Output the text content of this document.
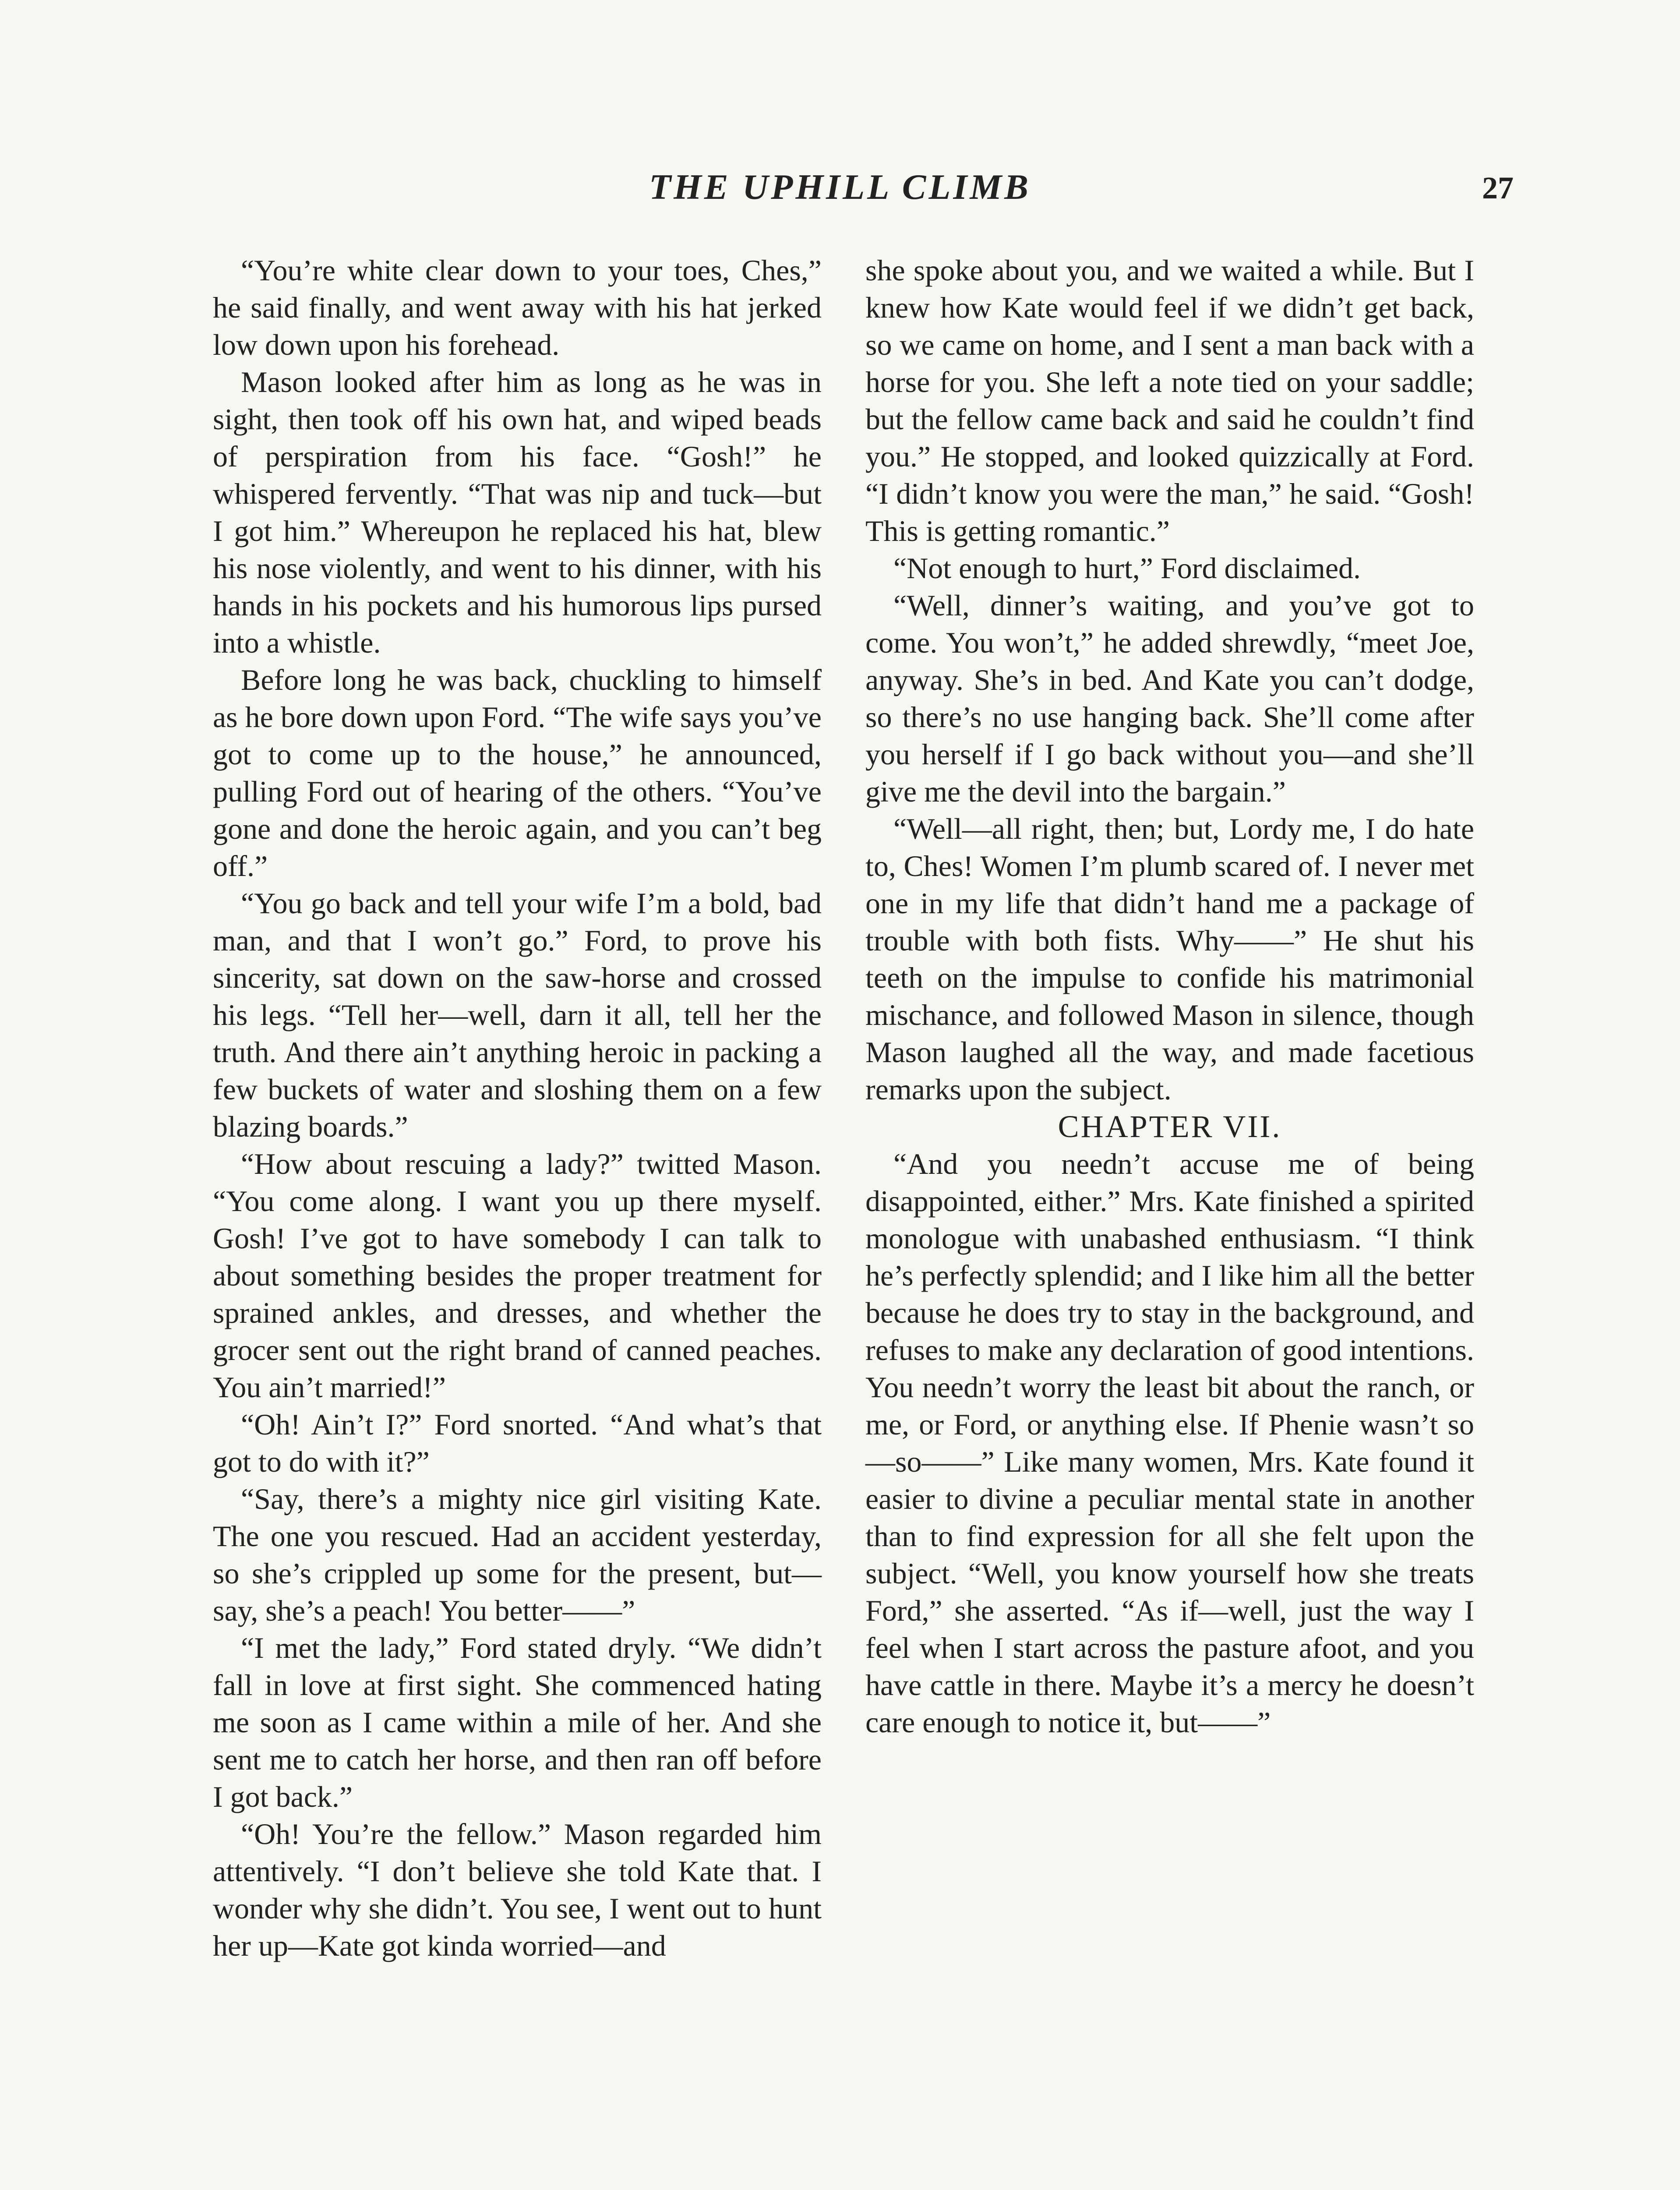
THE UPHILL CLIMB	27

“You’re white clear down to your toes, Ches,” he said finally, and went away with his hat jerked low down upon his forehead.

Mason looked after him as long as he was in sight, then took off his own hat, and wiped beads of perspiration from his face. “Gosh!” he whispered fervently. “That was nip and tuck—but I got him.” Whereupon he replaced his hat, blew his nose violently, and went to his dinner, with his hands in his pockets and his humorous lips pursed into a whistle.

Before long he was back, chuckling to himself as he bore down upon Ford. “The wife says you’ve got to come up to the house,” he announced, pulling Ford out of hearing of the others. “You’ve gone and done the heroic again, and you can’t beg off.”

“You go back and tell your wife I’m a bold, bad man, and that I won’t go.” Ford, to prove his sincerity, sat down on the saw-horse and crossed his legs. “Tell her—well, darn it all, tell her the truth. And there ain’t anything heroic in packing a few buckets of water and sloshing them on a few blazing boards.”

“How about rescuing a lady?” twitted Mason. “You come along. I want you up there myself. Gosh! I’ve got to have somebody I can talk to about something besides the proper treatment for sprained ankles, and dresses, and whether the grocer sent out the right brand of canned peaches. You ain’t married!”

“Oh! Ain’t I?” Ford snorted. “And what’s that got to do with it?”

“Say, there’s a mighty nice girl visiting Kate. The one you rescued. Had an accident yesterday, so she’s crippled up some for the present, but—say, she’s a peach! You better——”

“I met the lady,” Ford stated dryly. “We didn’t fall in love at first sight. She commenced hating me soon as I came within a mile of her. And she sent me to catch her horse, and then ran off before I got back.”

“Oh! You’re the fellow.” Mason regarded him attentively. “I don’t believe she told Kate that. I wonder why she didn’t. You see, I went out to hunt her up—Kate got kinda worried—and

she spoke about you, and we waited a while. But I knew how Kate would feel if we didn’t get back, so we came on home, and I sent a man back with a horse for you. She left a note tied on your saddle; but the fellow came back and said he couldn’t find you.” He stopped, and looked quizzically at Ford. “I didn’t know you were the man,” he said. “Gosh! This is getting romantic.”

“Not enough to hurt,” Ford disclaimed.

“Well, dinner’s waiting, and you’ve got to come. You won’t,” he added shrewdly, “meet Joe, anyway. She’s in bed. And Kate you can’t dodge, so there’s no use hanging back. She’ll come after you herself if I go back without you—and she’ll give me the devil into the bargain.”

“Well—all right, then; but, Lordy me, I do hate to, Ches! Women I’m plumb scared of. I never met one in my life that didn’t hand me a package of trouble with both fists. Why——” He shut his teeth on the impulse to confide his matrimonial mischance, and followed Mason in silence, though Mason laughed all the way, and made facetious remarks upon the subject.

CHAPTER VII.

“And you needn’t accuse me of being disappointed, either.” Mrs. Kate finished a spirited monologue with unabashed enthusiasm. “I think he’s perfectly splendid; and I like him all the better because he does try to stay in the background, and refuses to make any declaration of good intentions. You needn’t worry the least bit about the ranch, or me, or Ford, or anything else. If Phenie wasn’t so—so——” Like many women, Mrs. Kate found it easier to divine a peculiar mental state in another than to find expression for all she felt upon the subject. “Well, you know yourself how she treats Ford,” she asserted. “As if—well, just the way I feel when I start across the pasture afoot, and you have cattle in there. Maybe it’s a mercy he doesn’t care enough to notice it, but——”
